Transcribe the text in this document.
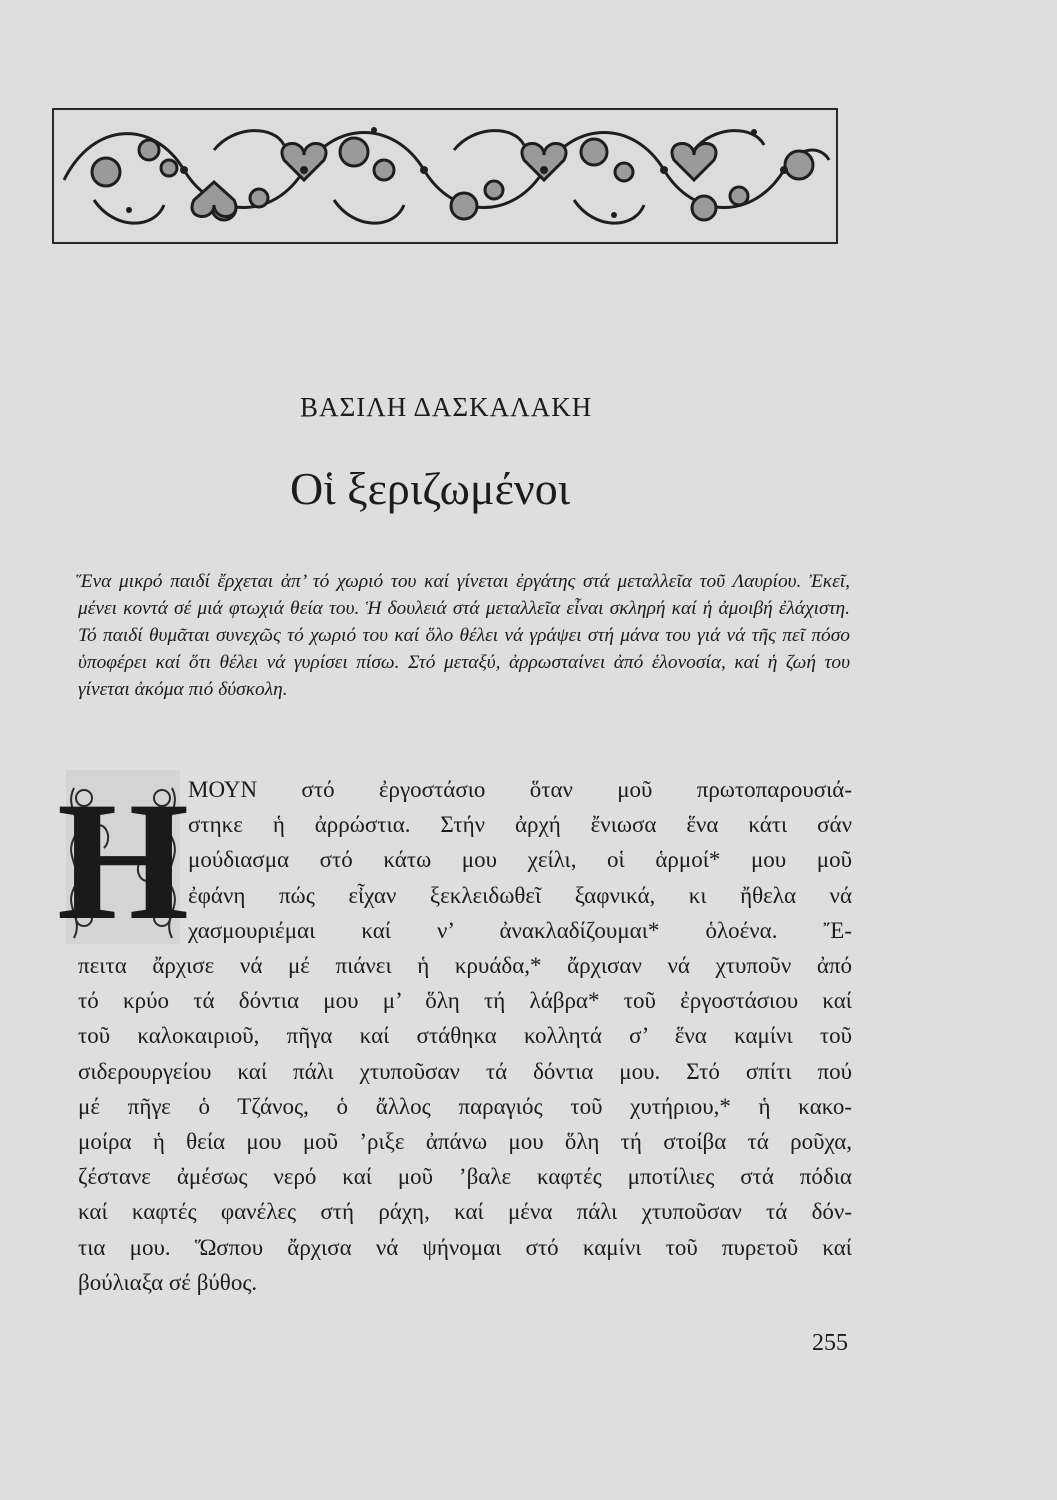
ΒΑΣΙΛΗ ΔΑΣΚΑΛΑΚΗ
Οἱ ξεριζωμένοι
Ἕνα μικρό παιδί ἔρχεται ἀπ’ τό χωριό του καί γίνεται ἐργάτης στά μεταλλεῖα τοῦ Λαυρίου. Ἐκεῖ, μένει κοντά σέ μιά φτωχιά θεία του. Ἡ δουλειά στά μεταλλεῖα εἶναι σκληρή καί ἡ ἀμοιβή ἐλάχιστη. Τό παιδί θυμᾶται συνεχῶς τό χωριό του καί ὅλο θέλει νά γράψει στή μάνα του γιά νά τῆς πεῖ πόσο ὑποφέρει καί ὅτι θέλει νά γυρίσει πίσω. Στό μεταξύ, ἀρρωσταίνει ἀπό ἑλονοσία, καί ἡ ζωή του γίνεται ἀκόμα πιό δύσκολη.
Η
ΜΟΥΝ στό ἐργοστάσιο ὅταν μοῦ πρωτοπαρουσιά-
στηκε ἡ ἀρρώστια. Στήν ἀρχή ἔνιωσα ἕνα κάτι σάν
μούδιασμα στό κάτω μου χείλι, οἱ ἁρμοί* μου μοῦ
ἐφάνη πώς εἶχαν ξεκλειδωθεῖ ξαφνικά, κι ἤθελα νά
χασμουριέμαι καί ν’ ἀνακλαδίζουμαι* ὁλοένα. Ἔ-
πειτα ἄρχισε νά μέ πιάνει ἡ κρυάδα,* ἄρχισαν νά χτυποῦν ἀπό
τό κρύο τά δόντια μου μ’ ὅλη τή λάβρα* τοῦ ἐργοστάσιου καί
τοῦ καλοκαιριοῦ, πῆγα καί στάθηκα κολλητά σ’ ἕνα καμίνι τοῦ
σιδερουργείου καί πάλι χτυποῦσαν τά δόντια μου. Στό σπίτι πού
μέ πῆγε ὁ Τζάνος, ὁ ἄλλος παραγιός τοῦ χυτήριου,* ἡ κακο-
μοίρα ἡ θεία μου μοῦ ’ριξε ἀπάνω μου ὅλη τή στοίβα τά ροῦχα,
ζέστανε ἀμέσως νερό καί μοῦ ’βαλε καφτές μποτίλιες στά πόδια
καί καφτές φανέλες στή ράχη, καί μένα πάλι χτυποῦσαν τά δόν-
τια μου. Ὥσπου ἄρχισα νά ψήνομαι στό καμίνι τοῦ πυρετοῦ καί
βούλιαξα σέ βύθος.
255
